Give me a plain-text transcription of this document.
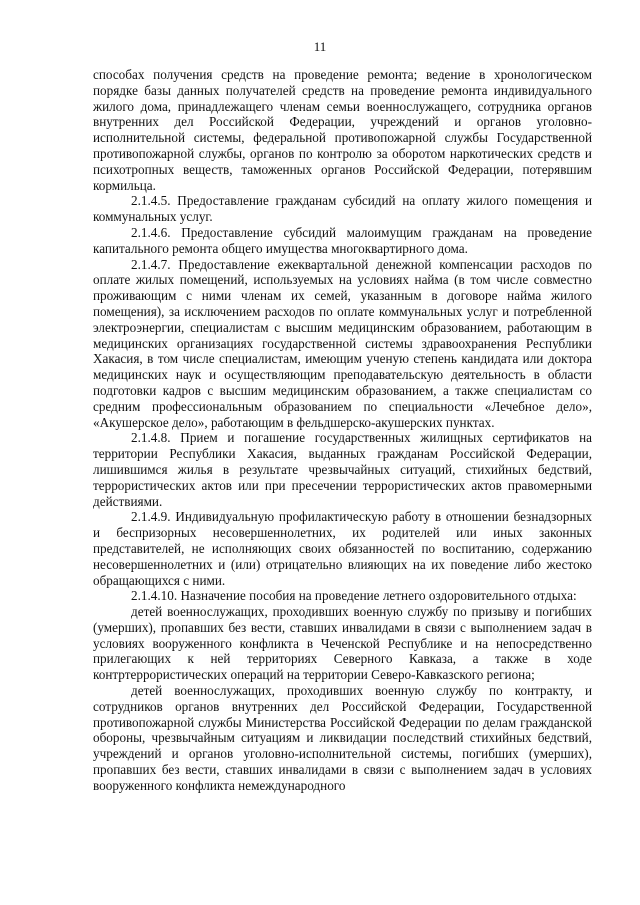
11

способах получения средств на проведение ремонта; ведение в хронологическом порядке базы данных получателей средств на проведение ремонта индивидуального жилого дома, принадлежащего членам семьи военнослужащего, сотрудника органов внутренних дел Российской Федерации, учреждений и органов уголовно-исполнительной системы, федеральной противопожарной службы Государственной противопожарной службы, органов по контролю за оборотом наркотических средств и психотропных веществ, таможенных органов Российской Федерации, потерявшим кормильца.

2.1.4.5. Предоставление гражданам субсидий на оплату жилого помещения и коммунальных услуг.

2.1.4.6. Предоставление субсидий малоимущим гражданам на проведение капитального ремонта общего имущества многоквартирного дома.

2.1.4.7. Предоставление ежеквартальной денежной компенсации расходов по оплате жилых помещений, используемых на условиях найма (в том числе совместно проживающим с ними членам их семей, указанным в договоре найма жилого помещения), за исключением расходов по оплате коммунальных услуг и потребленной электроэнергии, специалистам с высшим медицинским образованием, работающим в медицинских организациях государственной системы здравоохранения Республики Хакасия, в том числе специалистам, имеющим ученую степень кандидата или доктора медицинских наук и осуществляющим преподавательскую деятельность в области подготовки кадров с высшим медицинским образованием, а также специалистам со средним профессиональным образованием по специальности «Лечебное дело», «Акушерское дело», работающим в фельдшерско-акушерских пунктах.

2.1.4.8. Прием и погашение государственных жилищных сертификатов на территории Республики Хакасия, выданных гражданам Российской Федерации, лишившимся жилья в результате чрезвычайных ситуаций, стихийных бедствий, террористических актов или при пресечении террористических актов правомерными действиями.

2.1.4.9. Индивидуальную профилактическую работу в отношении безнадзорных и беспризорных несовершеннолетних, их родителей или иных законных представителей, не исполняющих своих обязанностей по воспитанию, содержанию несовершеннолетних и (или) отрицательно влияющих на их поведение либо жестоко обращающихся с ними.

2.1.4.10. Назначение пособия на проведение летнего оздоровительного отдыха:

детей военнослужащих, проходивших военную службу по призыву и погибших (умерших), пропавших без вести, ставших инвалидами в связи с выполнением задач в условиях вооруженного конфликта в Чеченской Республике и на непосредственно прилегающих к ней территориях Северного Кавказа, а также в ходе контртеррористических операций на территории Северо-Кавказского региона;

детей военнослужащих, проходивших военную службу по контракту, и сотрудников органов внутренних дел Российской Федерации, Государственной противопожарной службы Министерства Российской Федерации по делам гражданской обороны, чрезвычайным ситуациям и ликвидации последствий стихийных бедствий, учреждений и органов уголовно-исполнительной системы, погибших (умерших), пропавших без вести, ставших инвалидами в связи с выполнением задач в условиях вооруженного конфликта немеждународного
